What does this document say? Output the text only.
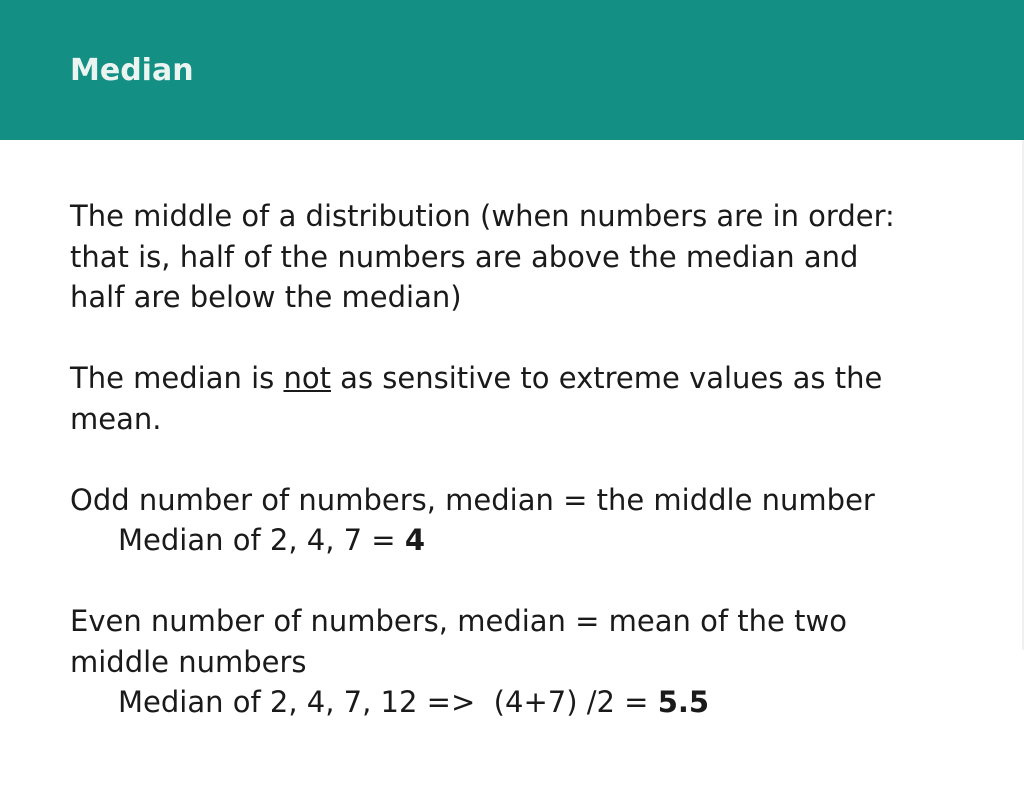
Median

The middle of a distribution (when numbers are in order:
that is, half of the numbers are above the median and
half are below the median)

The median is not as sensitive to extreme values as the
mean.

Odd number of numbers, median = the middle number
Median of 2, 4, 7 = 4

Even number of numbers, median = mean of the two
middle numbers
Median of 2, 4, 7, 12 =>  (4+7) /2 = 5.5
